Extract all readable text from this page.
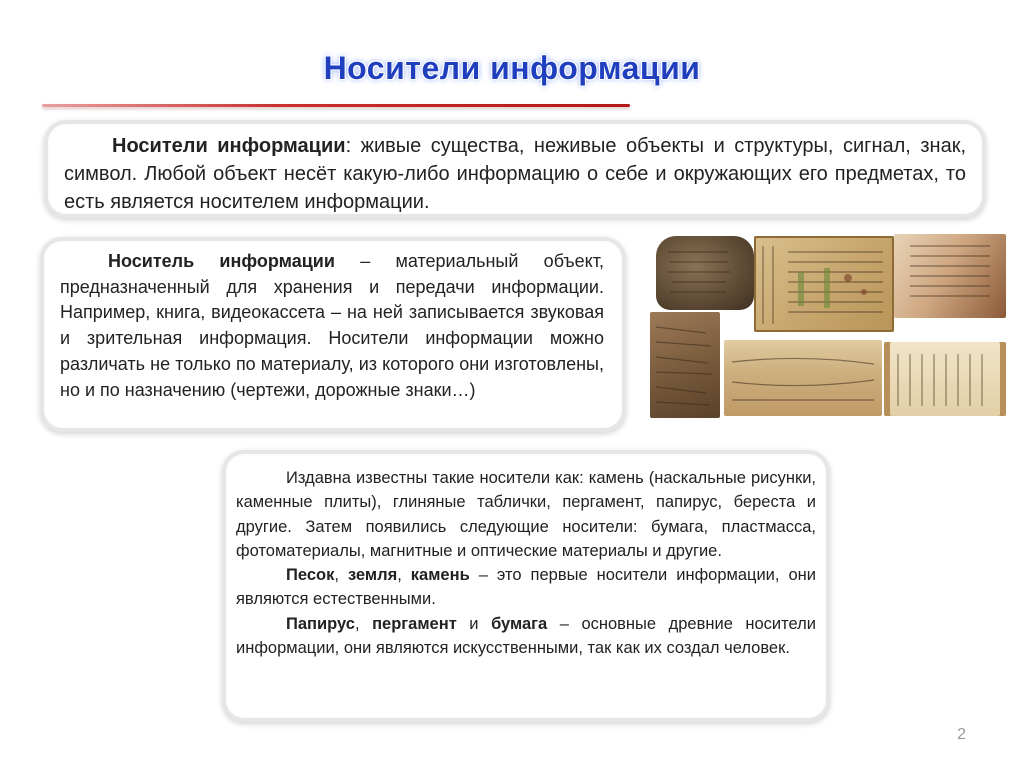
Носители информации

Носители информации: живые существа, неживые объекты и структуры, сигнал, знак, символ. Любой объект несёт какую-либо информацию о себе и окружающих его предметах, то есть является носителем информации.

Носитель информации – материальный объект, предназначенный для хранения и передачи информации. Например, книга, видеокассета – на ней записывается звуковая и зрительная информация. Носители информации можно различать не только по материалу, из которого они изготовлены, но и по назначению (чертежи, дорожные знаки…)

Издавна известны такие носители как: камень (наскальные рисунки, каменные плиты), глиняные таблички, пергамент, папирус, береста и другие. Затем появились следующие носители: бумага, пластмасса, фотоматериалы, магнитные и оптические материалы и другие.

Песок, земля, камень – это первые носители информации, они являются естественными.

Папирус, пергамент и бумага – основные древние носители информации, они являются искусственными, так как их создал человек.

2
